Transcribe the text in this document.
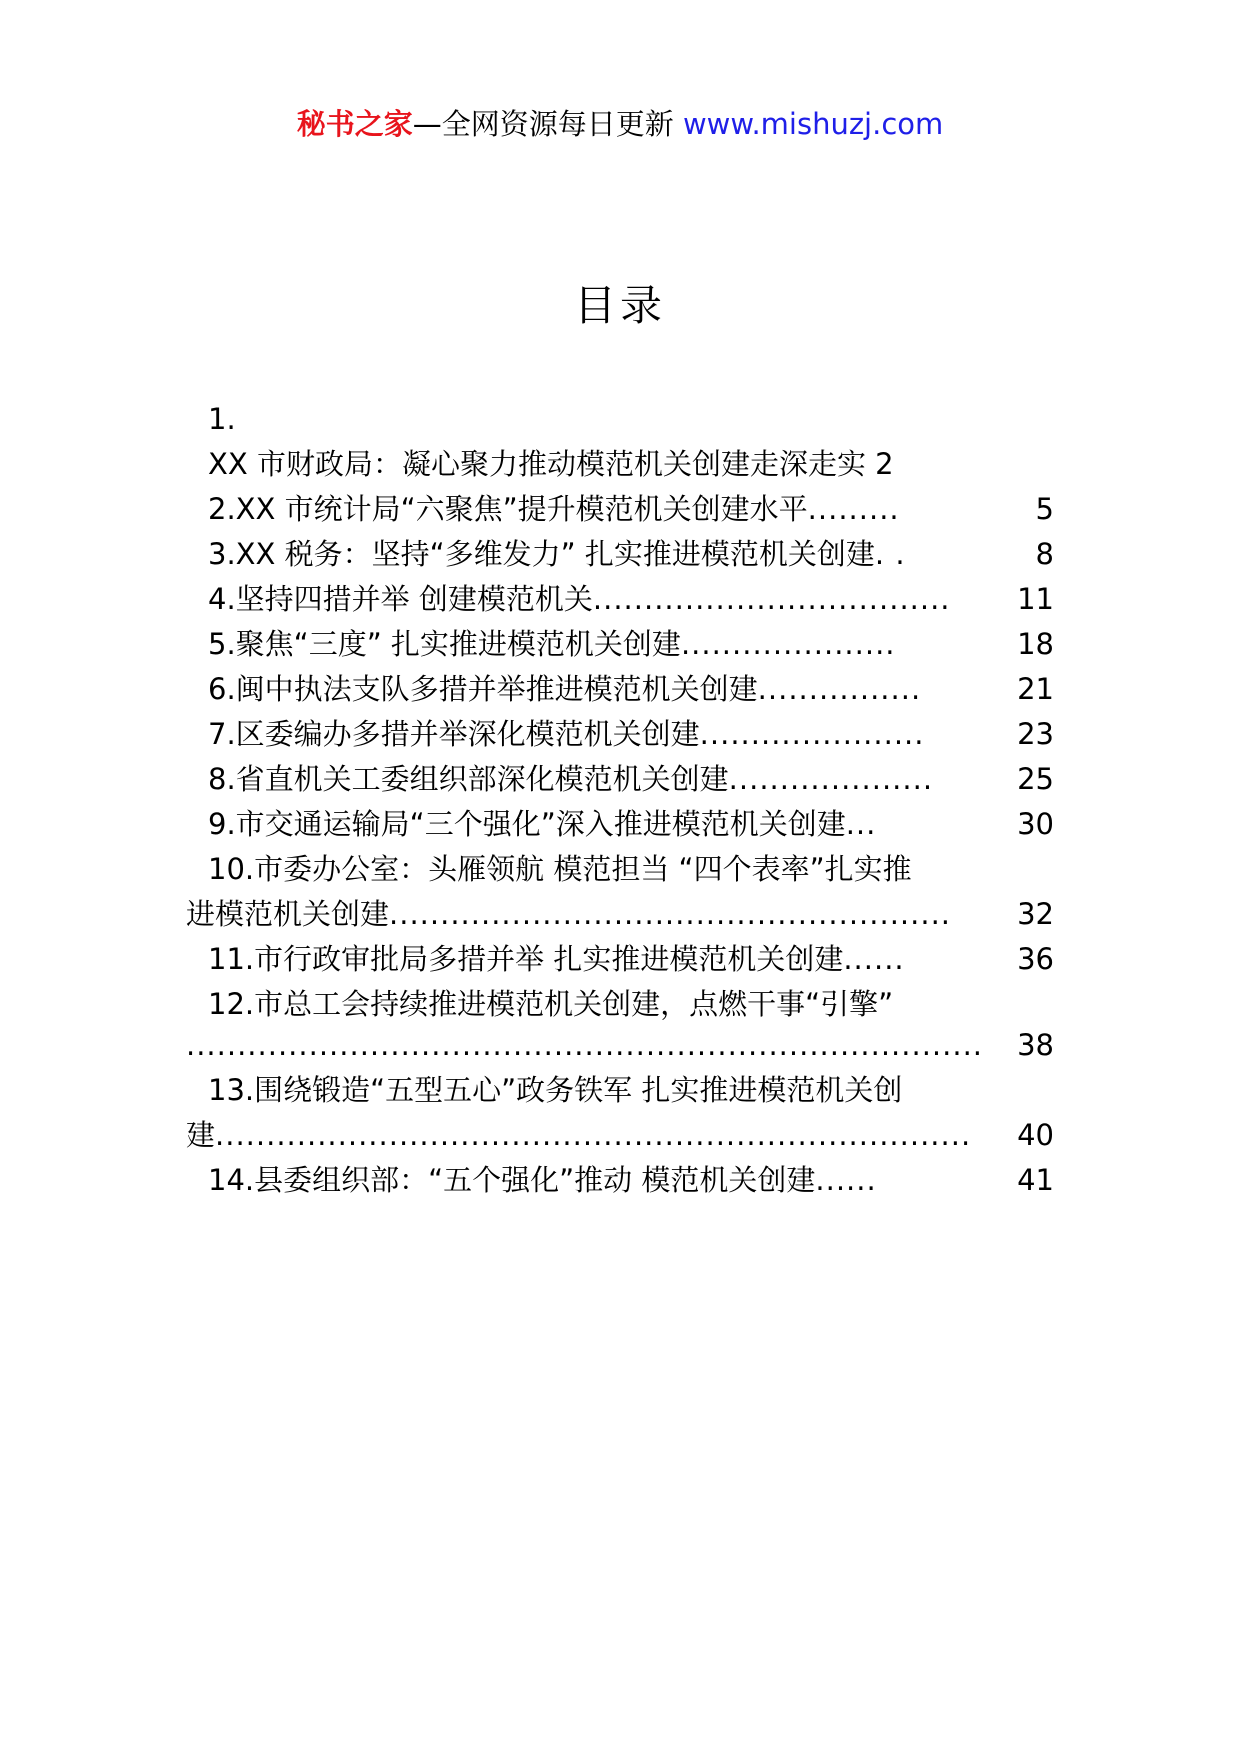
秘书之家—全网资源每日更新 www.mishuzj.com
目录
1.
XX 市财政局：凝心聚力推动模范机关创建走深走实 2
2.XX 市统计局“六聚焦”提升模范机关创建水平 .........	5
3.XX 税务：坚持“多维发力” 扎实推进模范机关创建 . .	8
4.坚持四措并举 创建模范机关 ...................................	11
5.聚焦“三度” 扎实推进模范机关创建 .....................	18
6.闽中执法支队多措并举推进模范机关创建 ................	21
7.区委编办多措并举深化模范机关创建 ......................	23
8.省直机关工委组织部深化模范机关创建 ....................	25
9.市交通运输局“三个强化”深入推进模范机关创建 ...	30
10.市委办公室：头雁领航 模范担当 “四个表率”扎实推
进模范机关创建 .......................................................	32
11.市行政审批局多措并举 扎实推进模范机关创建 ......	36
12.市总工会持续推进模范机关创建，点燃干事“引擎”
..............................................................................	38
13.围绕锻造“五型五心”政务铁军 扎实推进模范机关创
建 ..........................................................................	40
14.县委组织部：“五个强化”推动 模范机关创建 ......	41
